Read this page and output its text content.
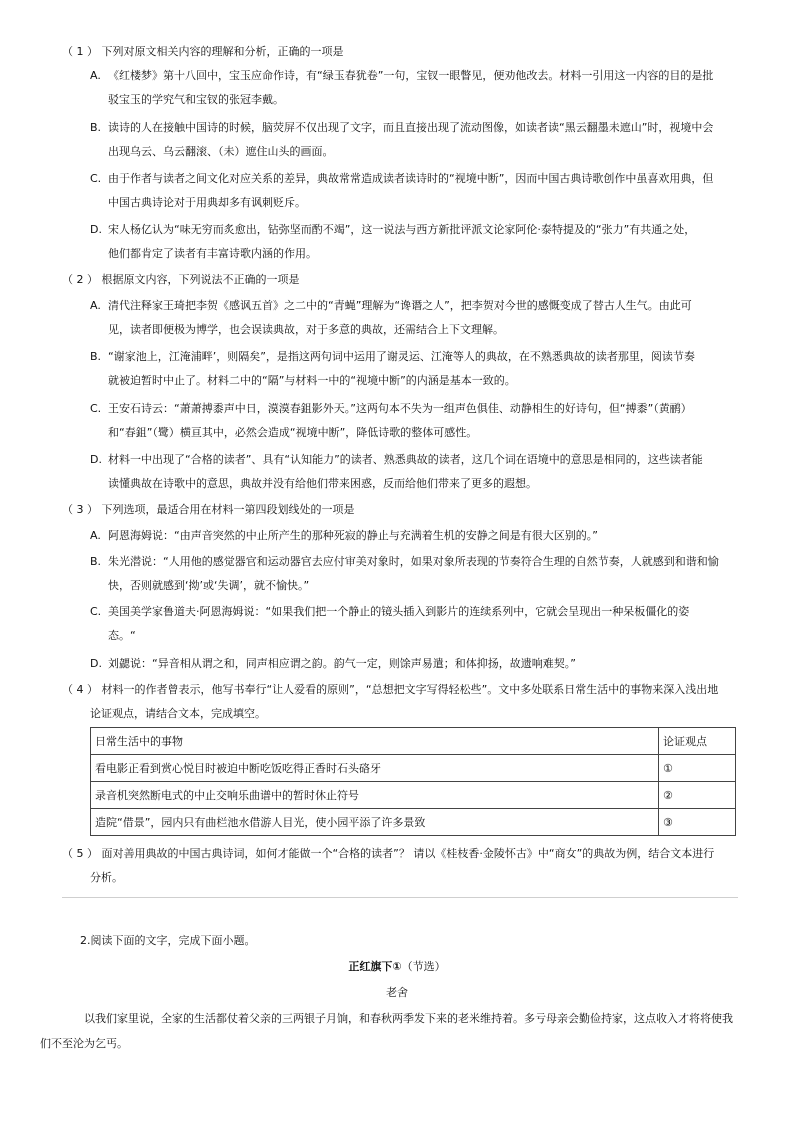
（ 1 ） 下列对原文相关内容的理解和分析，正确的一项是
A. 《红楼梦》第十八回中，宝玉应命作诗，有“绿玉春犹卷”一句，宝钗一眼瞥见，便劝他改去。材料一引用这一内容的目的是批
驳宝玉的学究气和宝钗的张冠李戴。
B. 读诗的人在接触中国诗的时候，脑荧屏不仅出现了文字，而且直接出现了流动图像，如读者读“黑云翻墨未遮山”时，视境中会
出现乌云、乌云翻滚、（未）遮住山头的画面。
C. 由于作者与读者之间文化对应关系的差异，典故常常造成读者读诗时的“视境中断”，因而中国古典诗歌创作中虽喜欢用典，但
中国古典诗论对于用典却多有讽刺贬斥。
D. 宋人杨亿认为“味无穷而炙愈出，钻弥坚而酌不竭”，这一说法与西方新批评派文论家阿伦·泰特提及的“张力”有共通之处，
他们都肯定了读者有丰富诗歌内涵的作用。
（ 2 ） 根据原文内容，下列说法不正确的一项是
A. 清代注释家王琦把李贺《感讽五首》之二中的“青蝇”理解为“谗谮之人”，把李贺对今世的感慨变成了替古人生气。由此可
见，读者即便极为博学，也会误读典故，对于多意的典故，还需结合上下文理解。
B. “谢家池上，江淹浦畔’，则隔矣”，是指这两句词中运用了谢灵运、江淹等人的典故，在不熟悉典故的读者那里，阅读节奏
就被迫暂时中止了。材料二中的“隔”与材料一中的“视境中断”的内涵是基本一致的。
C. 王安石诗云：“萧萧搏黍声中日，漠漠春鉏影外天。”这两句本不失为一组声色俱佳、动静相生的好诗句，但“搏黍”（黄鹂）
和“春鉏”（鹭）横亘其中，必然会造成“视境中断”，降低诗歌的整体可感性。
D. 材料一中出现了“合格的读者”、具有“认知能力”的读者、熟悉典故的读者，这几个词在语境中的意思是相同的，这些读者能
读懂典故在诗歌中的意思，典故并没有给他们带来困惑，反而给他们带来了更多的遐想。
（ 3 ） 下列选项，最适合用在材料一第四段划线处的一项是
A. 阿恩海姆说：“由声音突然的中止所产生的那种死寂的静止与充满着生机的安静之间是有很大区别的。”
B. 朱光潜说：“人用他的感觉器官和运动器官去应付审美对象时，如果对象所表现的节奏符合生理的自然节奏，人就感到和谐和愉
快，否则就感到‘拗’或‘失调’，就不愉快。”
C. 美国美学家鲁道夫·阿恩海姆说：“如果我们把一个静止的镜头插入到影片的连续系列中，它就会呈现出一种呆板僵化的姿
态。“
D. 刘勰说：“异音相从谓之和，同声相应谓之韵。韵气一定，则馀声易遣；和体抑扬，故遗响难契。”
（ 4 ） 材料一的作者曾表示，他写书奉行“让人爱看的原则”，“总想把文字写得轻松些”。文中多处联系日常生活中的事物来深入浅出地
论证观点，请结合文本，完成填空。
日常生活中的事物	论证观点
看电影正看到赏心悦目时被迫中断吃饭吃得正香时石头硌牙	①
录音机突然断电式的中止交响乐曲谱中的暂时休止符号	②
造院“借景”，园内只有曲栏池水借游人目光，使小园平添了许多景致	③
（ 5 ） 面对善用典故的中国古典诗词，如何才能做一个“合格的读者”？ 请以《桂枝香·金陵怀古》中“商女”的典故为例，结合文本进行
分析。
2.阅读下面的文字，完成下面小题。
正红旗下①（节选）
老舍
以我们家里说，全家的生活都仗着父亲的三两银子月饷，和春秋两季发下来的老米维持着。多亏母亲会勤俭持家，这点收入才将将使我
们不至沦为乞丐。
